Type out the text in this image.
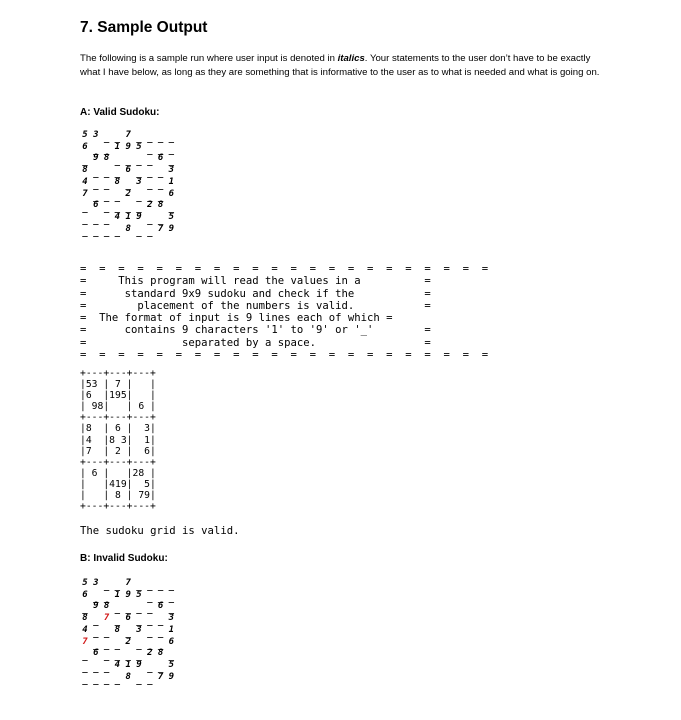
7. Sample Output

The following is a sample run where user input is denoted in italics. Your statements to the user don’t have to be exactly what I have below, as long as they are something that is informative to the user as to what is needed and what is going on.

A: Valid Sudoku:

5 3 _ _ 7 _ _ _ _
6 _ _ 1 9 5 _ _ _
_ 9 8 _ _ _ _ 6 _
8 _ _ _ 6 _ _ _ 3
4 _ _ 8 _ 3 _ _ 1
7 _ _ _ 2 _ _ _ 6
_ 6 _ _ _ _ 2 8 _
_ _ _ 4 1 9 _ _ 5
_ _ _ _ 8 _ _ 7 9
=  =  =  =  =  =  =  =  =  =  =  =  =  =  =  =  =  =  =  =  =  =
=     This program will read the values in a          =
=      standard 9x9 sudoku and check if the           =
=        placement of the numbers is valid.           =
=  The format of input is 9 lines each of which =
=      contains 9 characters '1' to '9' or '_'        =
=               separated by a space.                 =
=  =  =  =  =  =  =  =  =  =  =  =  =  =  =  =  =  =  =  =  =  =
+---+---+---+
|53 | 7 |   |
|6  |195|   |
| 98|   | 6 |
+---+---+---+
|8  | 6 |  3|
|4  |8 3|  1|
|7  | 2 |  6|
+---+---+---+
| 6 |   |28 |
|   |419|  5|
|   | 8 | 79|
+---+---+---+
The sudoku grid is valid.

B: Invalid Sudoku:

5 3 _ _ 7 _ _ _ _
6 _ _ 1 9 5 _ _ _
_ 9 8 _ _ _ _ 6 _
8 _ 7 _ 6 _ _ _ 3
4 _ _ 8 _ 3 _ _ 1
7 _ _ _ 2 _ _ _ 6
_ 6 _ _ _ _ 2 8 _
_ _ _ 4 1 9 _ _ 5
_ _ _ _ 8 _ _ 7 9
